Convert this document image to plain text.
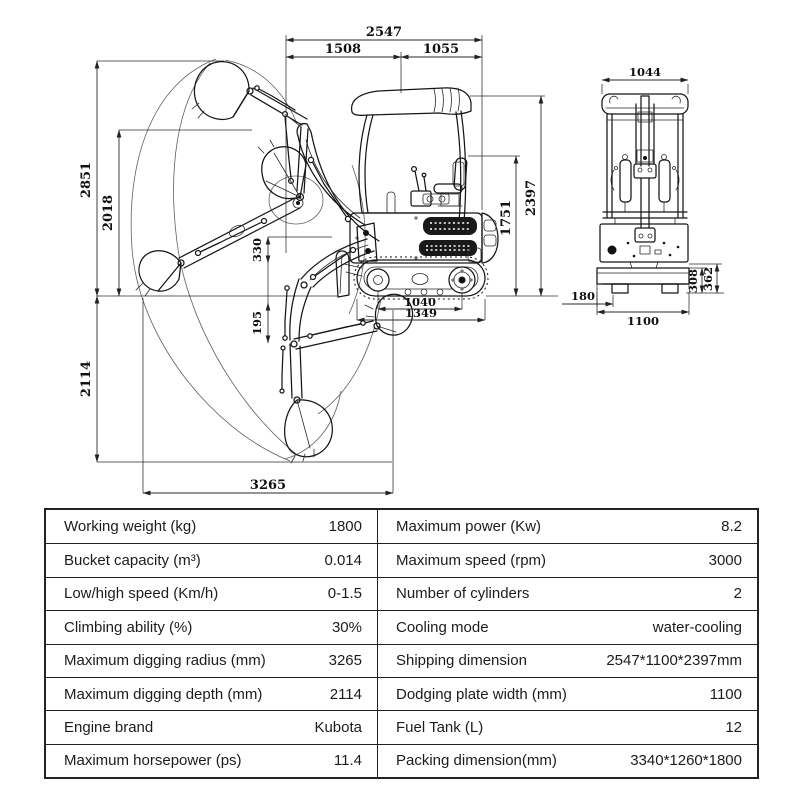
2547
1508	1055
2851
2018
2114
2397
1751
330
195
1040
1349
3265
1044
308 362
180
1100
Working weight (kg)	1800 Maximum power (Kw)	8.2
Bucket capacity (m³)	0.014 Maximum speed (rpm)	3000
Low/high speed (Km/h)	0-1.5 Number of cylinders	2
Climbing ability (%)	30% Cooling mode	water-cooling
Maximum digging radius (mm)	3265 Shipping dimension	2547*1100*2397mm
Maximum digging depth (mm)	2114 Dodging plate width (mm)	1100
Engine brand	Kubota Fuel Tank (L)	12
Maximum horsepower (ps)	11.4 Packing dimension(mm)	3340*1260*1800
